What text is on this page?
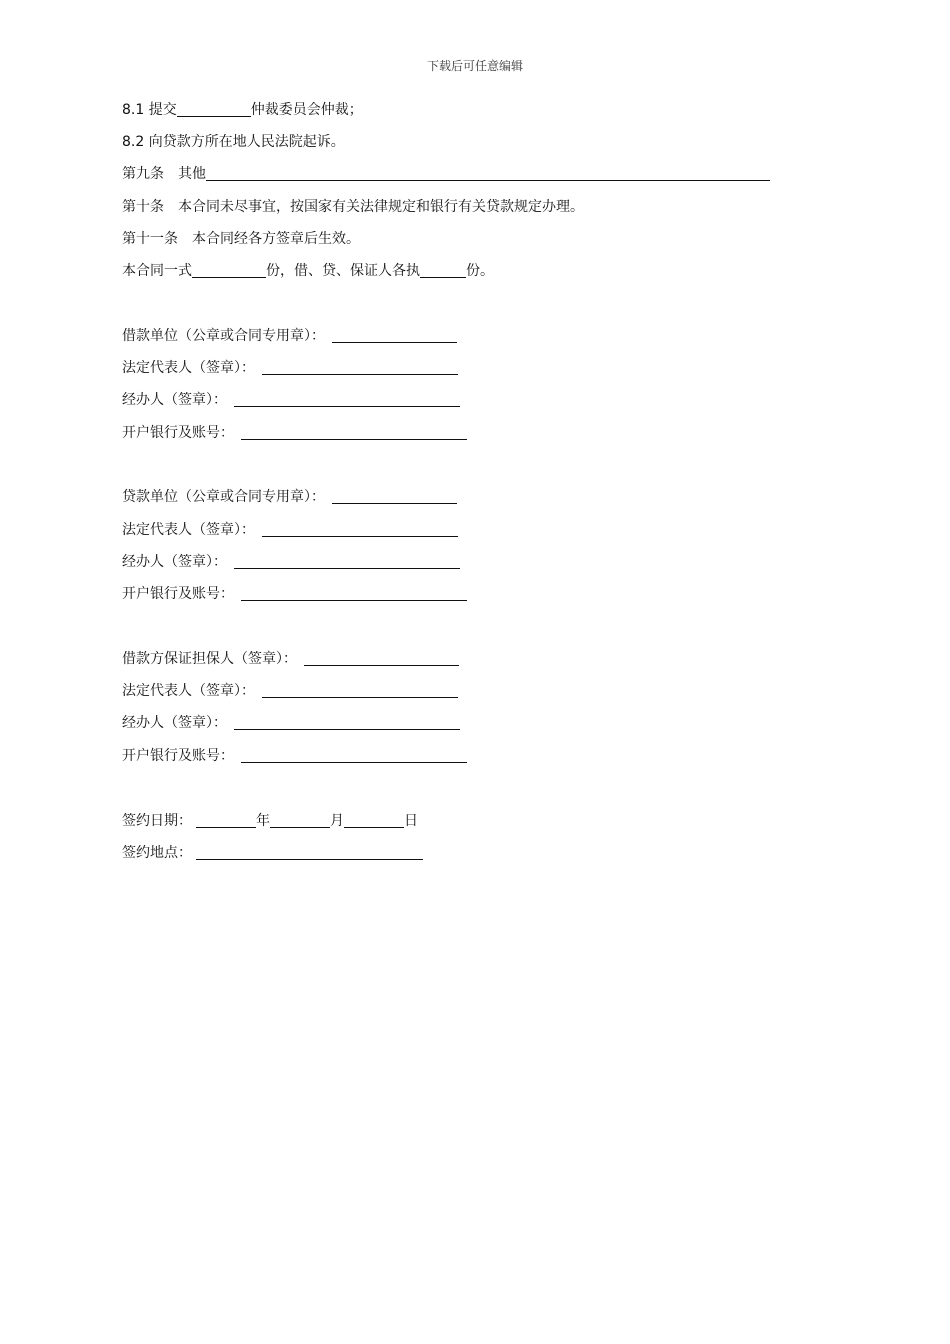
下载后可任意编辑
8.1 提交	仲裁委员会仲裁；
8.2 向贷款方所在地人民法院起诉。
第九条 其他
第十条 本合同未尽事宜，按国家有关法律规定和银行有关贷款规定办理。
第十一条 本合同经各方签章后生效。
本合同一式	份，借、贷、保证人各执	份。
借款单位（公章或合同专用章）：
法定代表人（签章）：
经办人（签章）：
开户银行及账号：
贷款单位（公章或合同专用章）：
法定代表人（签章）：
经办人（签章）：
开户银行及账号：
借款方保证担保人（签章）：
法定代表人（签章）：
经办人（签章）：
开户银行及账号：
签约日期：	年	月	日
签约地点：
